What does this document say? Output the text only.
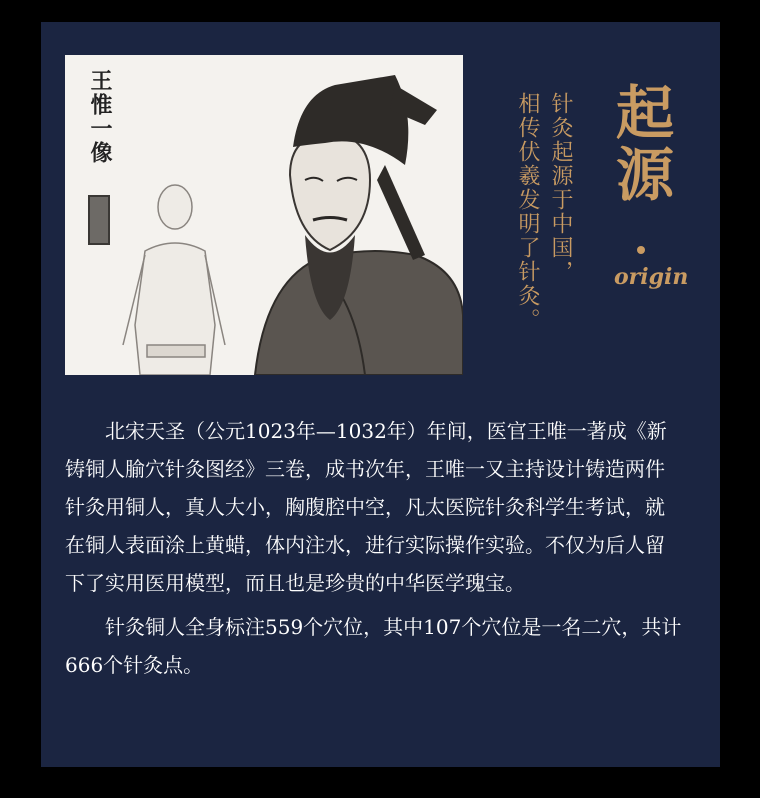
王惟一像	针灸起源于中国，
相传伏羲发明了针灸。 起源
origin

北宋天圣（公元1023年—1032年）年间，医官王唯一著成《新铸铜人腧穴针灸图经》三卷，成书次年，王唯一又主持设计铸造两件针灸用铜人，真人大小，胸腹腔中空，凡太医院针灸科学生考试，就在铜人表面涂上黄蜡，体内注水，进行实际操作实验。不仅为后人留下了实用医用模型，而且也是珍贵的中华医学瑰宝。

针灸铜人全身标注559个穴位，其中107个穴位是一名二穴，共计666个针灸点。
